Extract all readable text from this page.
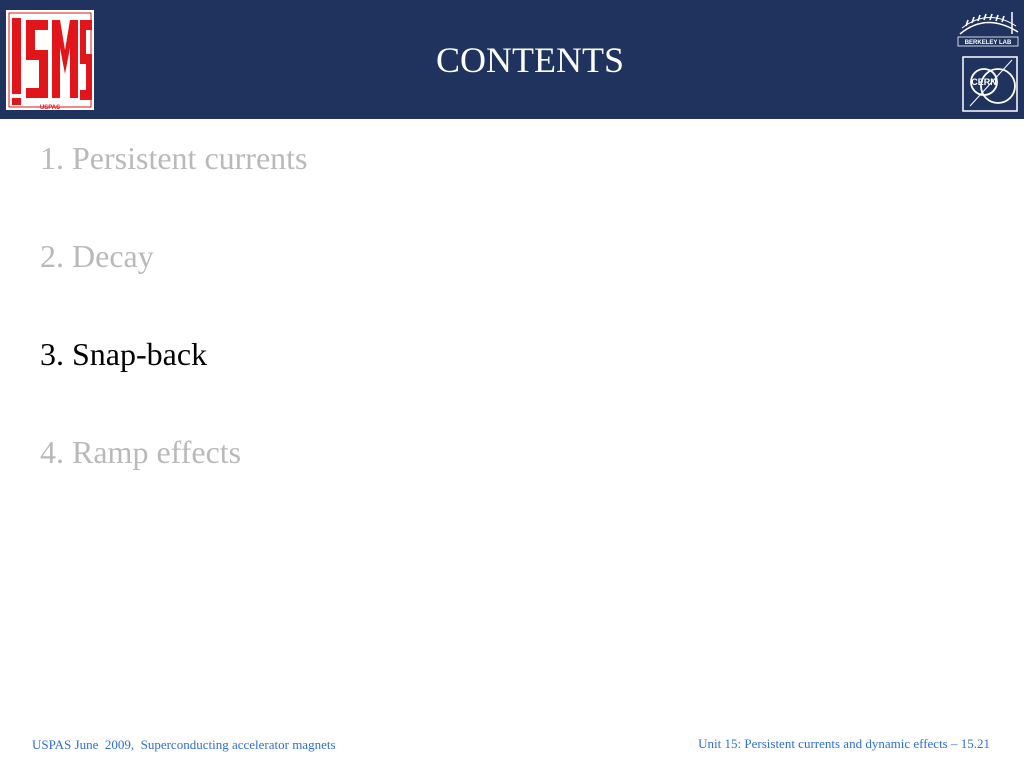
USPAS
CONTENTS	BERKELEY LAB
CERN
1. Persistent currents
2. Decay
3. Snap-back
4. Ramp effects
USPAS June  2009,  Superconducting accelerator magnets	Unit 15: Persistent currents and dynamic effects – 15.21
